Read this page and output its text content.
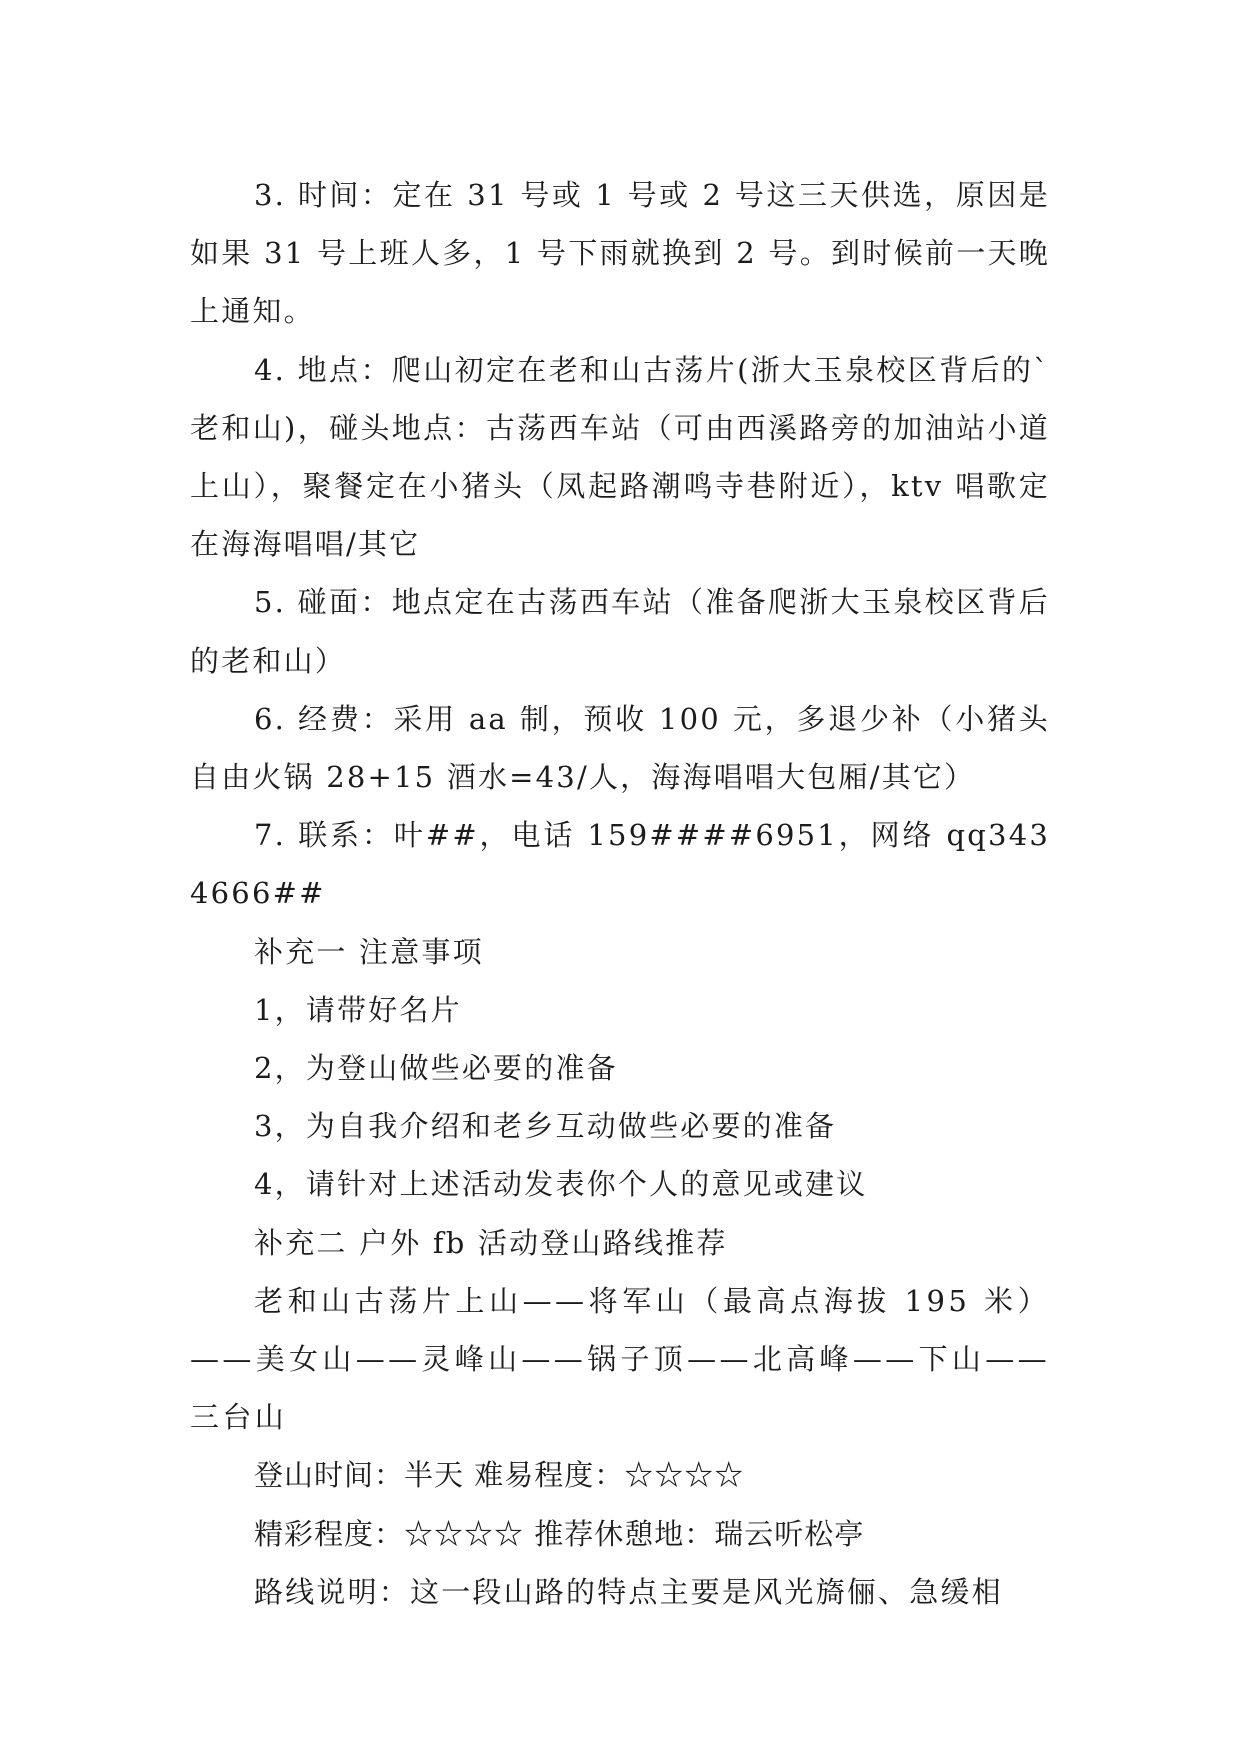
3. 时间：定在 31 号或 1 号或 2 号这三天供选，原因是如果 31 号上班人多，1 号下雨就换到 2 号。到时候前一天晚上通知。

4. 地点：爬山初定在老和山古荡片(浙大玉泉校区背后的`老和山)，碰头地点：古荡西车站（可由西溪路旁的加油站小道上山），聚餐定在小猪头（凤起路潮鸣寺巷附近），ktv 唱歌定在海海唱唱/其它

5. 碰面：地点定在古荡西车站（准备爬浙大玉泉校区背后的老和山）

6. 经费：采用 aa 制，预收 100 元，多退少补（小猪头自由火锅 28+15 酒水=43/人，海海唱唱大包厢/其它）

7. 联系：叶##，电话 159####6951，网络 qq3434666##

补充一 注意事项

1，请带好名片

2，为登山做些必要的准备

3，为自我介绍和老乡互动做些必要的准备

4，请针对上述活动发表你个人的意见或建议

补充二 户外 fb 活动登山路线推荐

老和山古荡片上山——将军山（最高点海拔 195 米）——美女山——灵峰山——锅子顶——北高峰——下山——三台山

登山时间：半天 难易程度：☆☆☆☆

精彩程度：☆☆☆☆ 推荐休憩地：瑞云听松亭

路线说明：这一段山路的特点主要是风光旖俪、急缓相
